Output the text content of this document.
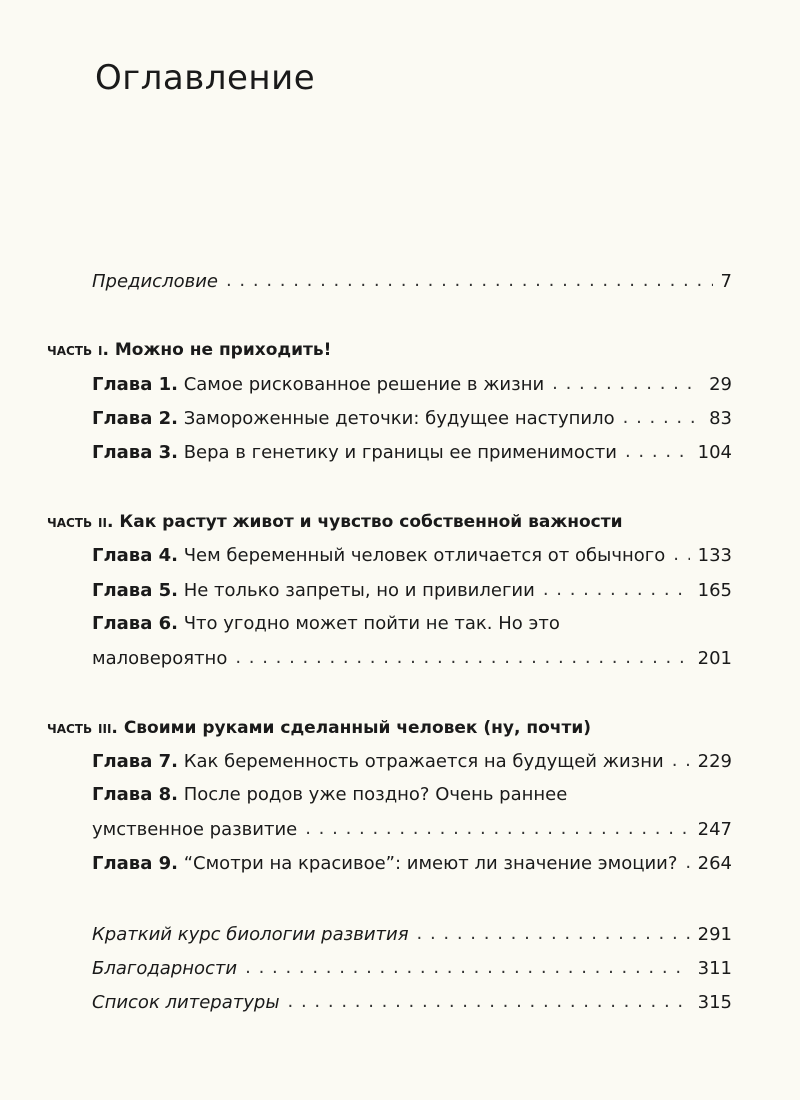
Оглавление
Предисловие . . .	7
часть i. Можно не приходить!
Глава 1. Самое рискованное решение в жизни . . .	29
Глава 2. Замороженные деточки: будущее наступило . . .	83
Глава 3. Вера в генетику и границы ее применимости . . .	104
часть ii. Как растут живот и чувство собственной важности
Глава 4. Чем беременный человек отличается от обычного . . . 133
Глава 5. Не только запреты, но и привилегии . . .	165
Глава 6. Что угодно может пойти не так. Но это
маловероятно . . .	201
часть iii. Своими руками сделанный человек (ну, почти)
Глава 7. Как беременность отражается на будущей жизни . . . 229
Глава 8. После родов уже поздно? Очень раннее
умственное развитие . . .	247
Глава 9. “Смотри на красивое”: имеют ли значение эмоции? . . . 264
Краткий курс биологии развития . . .	291
Благодарности . . .	311
Список литературы . . .	315
